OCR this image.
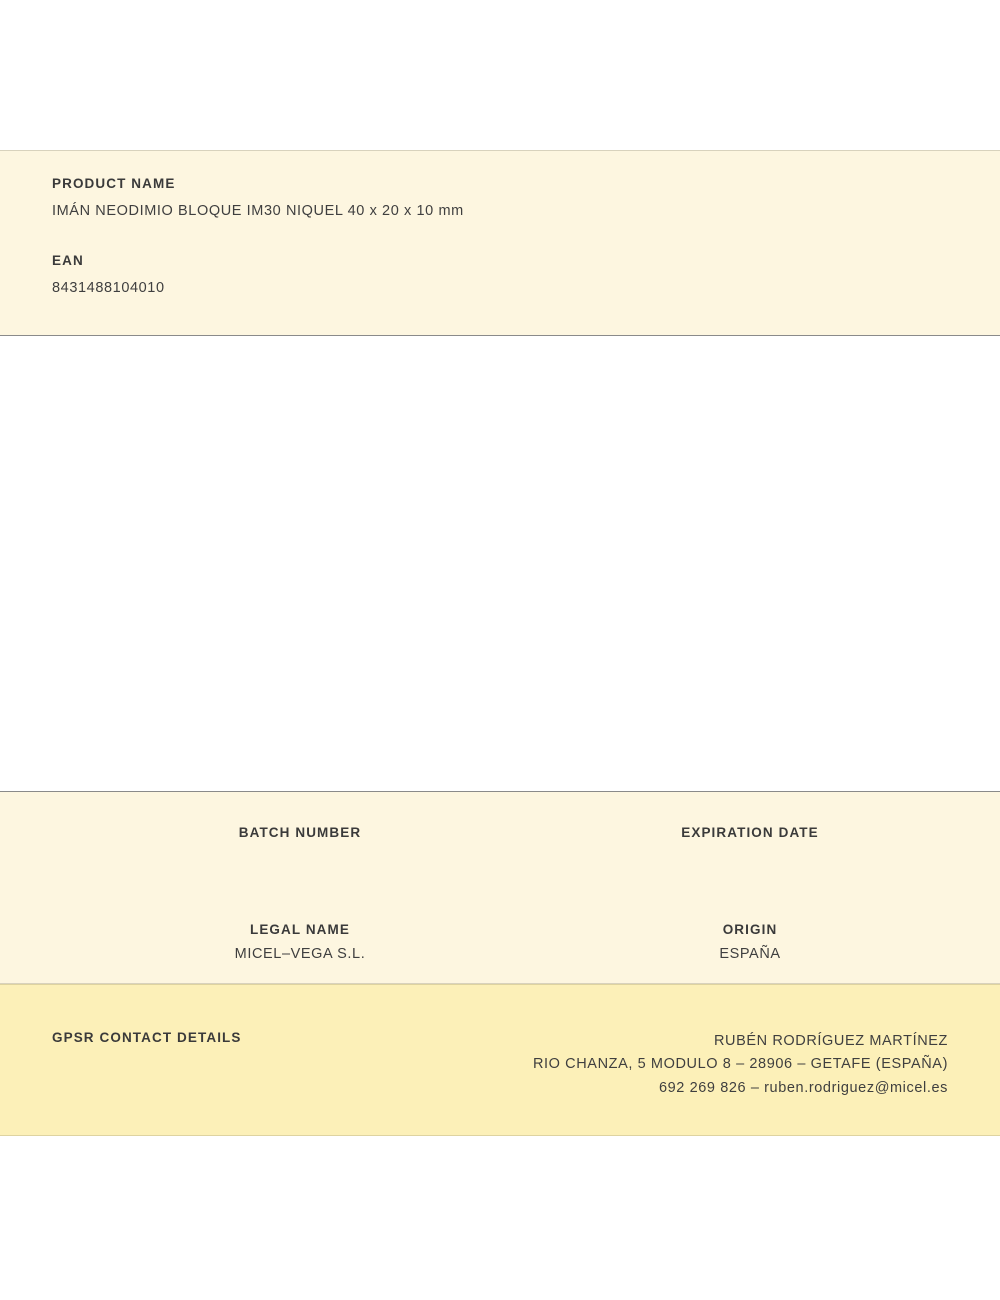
PRODUCT NAME
IMÁN NEODIMIO BLOQUE IM30 NIQUEL 40 x 20 x 10 mm
EAN
8431488104010
BATCH NUMBER	EXPIRATION DATE
LEGAL NAME
MICEL–VEGA S.L.
ORIGIN
ESPAÑA
GPSR CONTACT DETAILS	RUBÉN RODRÍGUEZ MARTÍNEZ
RIO CHANZA, 5 MODULO 8 – 28906 – GETAFE (ESPAÑA)
692 269 826 – ruben.rodriguez@micel.es
